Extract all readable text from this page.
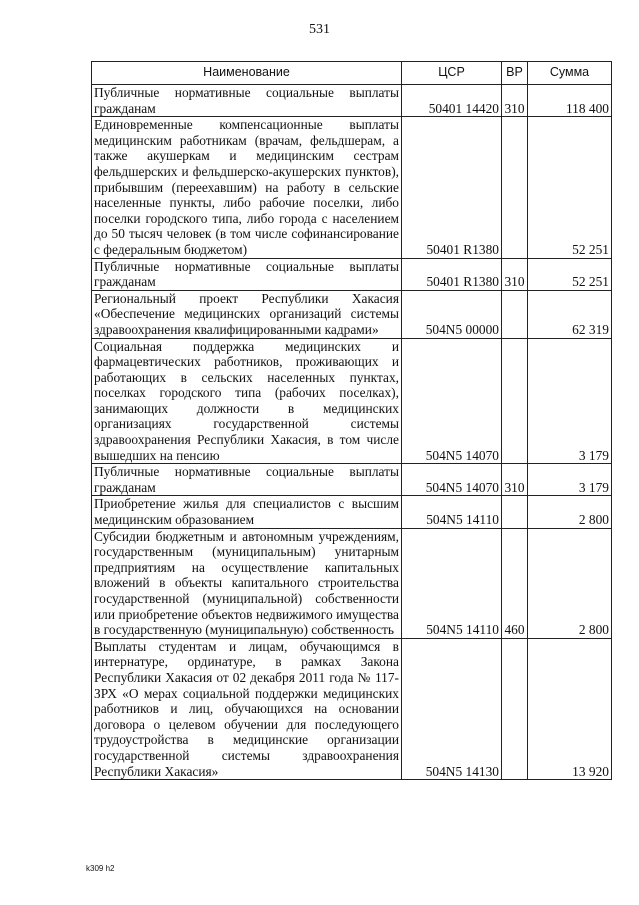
531
Наименование	ЦСР	ВР	Сумма
Публичные нормативные социальные выплаты гражданам	50401 14420	310	118 400
Единовременные компенсационные выплаты медицинским работникам (врачам, фельдшерам, а также акушеркам и медицинским сестрам фельдшерских и фельдшерско-акушерских пунктов), прибывшим (переехавшим) на работу в сельские населенные пункты, либо рабочие поселки, либо поселки городского типа, либо города с населением до 50 тысяч человек (в том числе софинансирование с федеральным бюджетом)	50401 R1380		52 251
Публичные нормативные социальные выплаты гражданам	50401 R1380	310	52 251
Региональный проект Республики Хакасия «Обеспечение медицинских организаций системы здравоохранения квалифицированными кадрами»	504N5 00000		62 319
Социальная поддержка медицинских и фармацевтических работников, проживающих и работающих в сельских населенных пунктах, поселках городского типа (рабочих поселках), занимающих должности в медицинских организациях государственной системы здравоохранения Республики Хакасия, в том числе вышедших на пенсию	504N5 14070		3 179
Публичные нормативные социальные выплаты гражданам	504N5 14070	310	3 179
Приобретение жилья для специалистов с высшим медицинским образованием	504N5 14110		2 800
Субсидии бюджетным и автономным учреждениям, государственным (муниципальным) унитарным предприятиям на осуществление капитальных вложений в объекты капитального строительства государственной (муниципальной) собственности или приобретение объектов недвижимого имущества в государственную (муниципальную) собственность	504N5 14110	460	2 800
Выплаты студентам и лицам, обучающимся в интернатуре, ординатуре, в рамках Закона Республики Хакасия от 02 декабря 2011 года № 117-ЗРХ «О мерах социальной поддержки медицинских работников и лиц, обучающихся на основании договора о целевом обучении для последующего трудоустройства в медицинские организации государственной системы здравоохранения Республики Хакасия»	504N5 14130		13 920
k309 h2
